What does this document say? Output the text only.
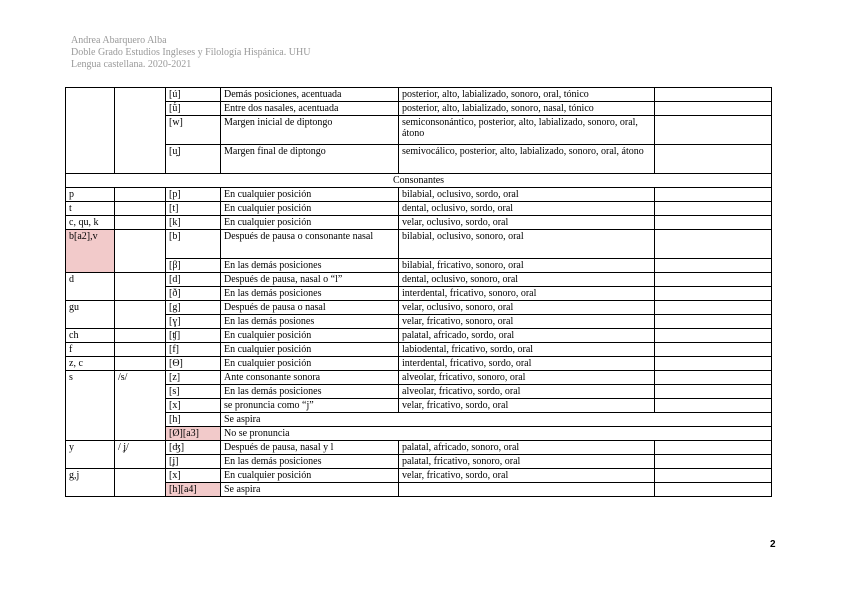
Andrea Abarquero Alba
Doble Grado Estudios Ingleses y Filología Hispánica. UHU
Lengua castellana. 2020-2021
		[ú]	Demás posiciones, acentuada	posterior, alto, labializado, sonoro, oral, tónico	
		[ṹ]	Entre dos nasales, acentuada	posterior, alto, labializado, sonoro, nasal, tónico	
		[w]	Margen inicial de diptongo	semiconsonántico, posterior, alto, labializado, sonoro, oral, átono	
		[u̯]	Margen final de diptongo	semivocálico, posterior, alto, labializado, sonoro, oral, átono	
Consonantes					
p		[p]	En cualquier posición	bilabial, oclusivo, sordo, oral	
t		[t]	En cualquier posición	dental, oclusivo, sordo, oral	
c, qu, k		[k]	En cualquier posición	velar, oclusivo, sordo, oral	
b[a2],v		[b]	Después de pausa o consonante nasal	bilabial, oclusivo, sonoro, oral	
		[β]	En las demás posiciones	bilabial, fricativo, sonoro, oral	
d		[d]	Después de pausa, nasal o “l”	dental, oclusivo, sonoro, oral	
		[ð]	En las demás posiciones	interdental, fricativo, sonoro, oral	
gu		[g]	Después de pausa o nasal	velar, oclusivo, sonoro, oral	
		[ɣ]	En las demás posiones	velar, fricativo, sonoro, oral	
ch		[ʧ]	En cualquier posición	palatal, africado, sordo, oral	
f		[f]	En cualquier posición	labiodental, fricativo, sordo, oral	
z, c		[Θ]	En cualquier posición	interdental, fricativo, sordo, oral	
s	/s/	[z]	Ante consonante sonora	alveolar, fricativo, sonoro, oral	
		[s]	En las demás posiciones	alveolar, fricativo, sordo, oral	
		[x]	se pronuncia como “j”	velar, fricativo, sordo, oral	
		[h]	Se aspira		
		[Ø][a3]	No se pronuncia		
y	/ ʝ/	[ʤ]	Después de pausa, nasal y l	palatal, africado, sonoro, oral	
		[ʝ]	En las demás posiciones	palatal, fricativo, sonoro, oral	
g,j		[x]	En cualquier posición	velar, fricativo, sordo, oral	
		[h][a4]	Se aspira		
2
